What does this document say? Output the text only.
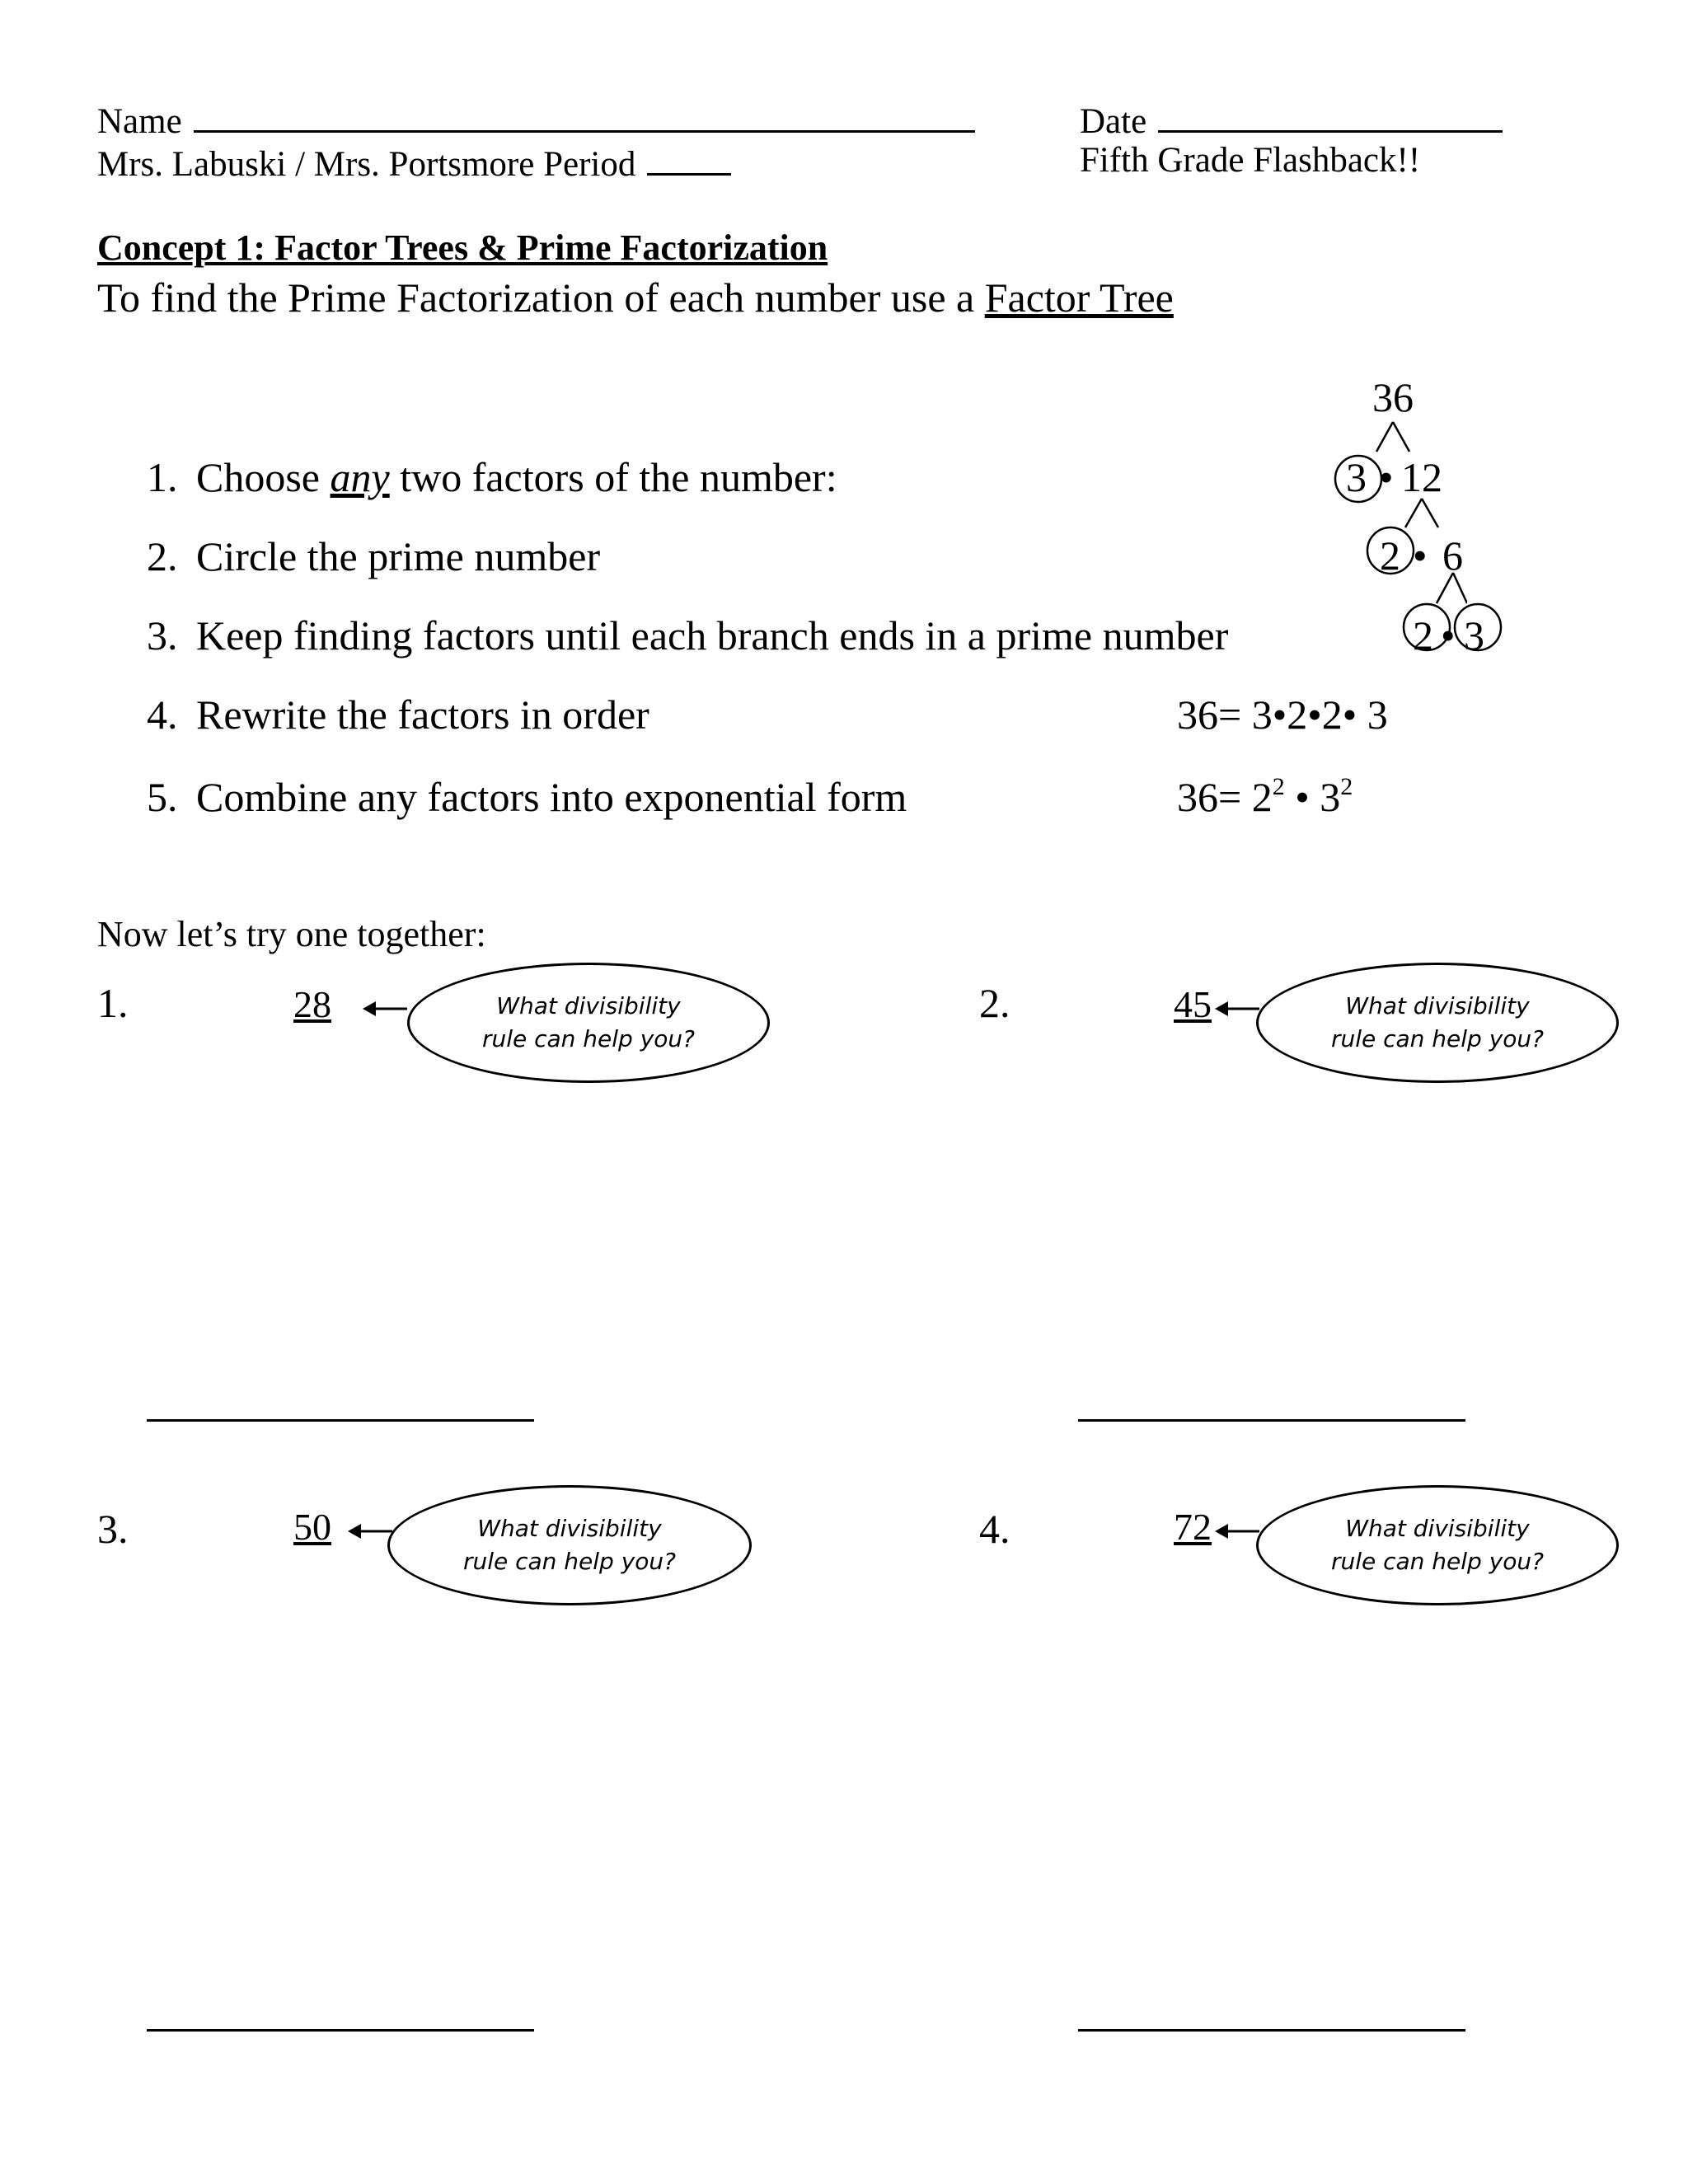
Name	Date
Mrs. Labuski / Mrs. Portsmore Period	Fifth Grade Flashback!!
Concept 1: Factor Trees & Prime Factorization
To find the Prime Factorization of each number use a Factor Tree
1. Choose any two factors of the number:
2. Circle the prime number
3. Keep finding factors until each branch ends in a prime number
4. Rewrite the factors in order
5. Combine any factors into exponential form
36
3 • 12
2 • 6
2 • 3
36= 3•2•2• 3
$36= 2^2$ • $3^2$
Now let’s try one together:
1.	28	What divisibility
rule can help you?
2.	45	What divisibility
rule can help you?
3.	50	What divisibility
rule can help you?
4.	72	What divisibility
rule can help you?
